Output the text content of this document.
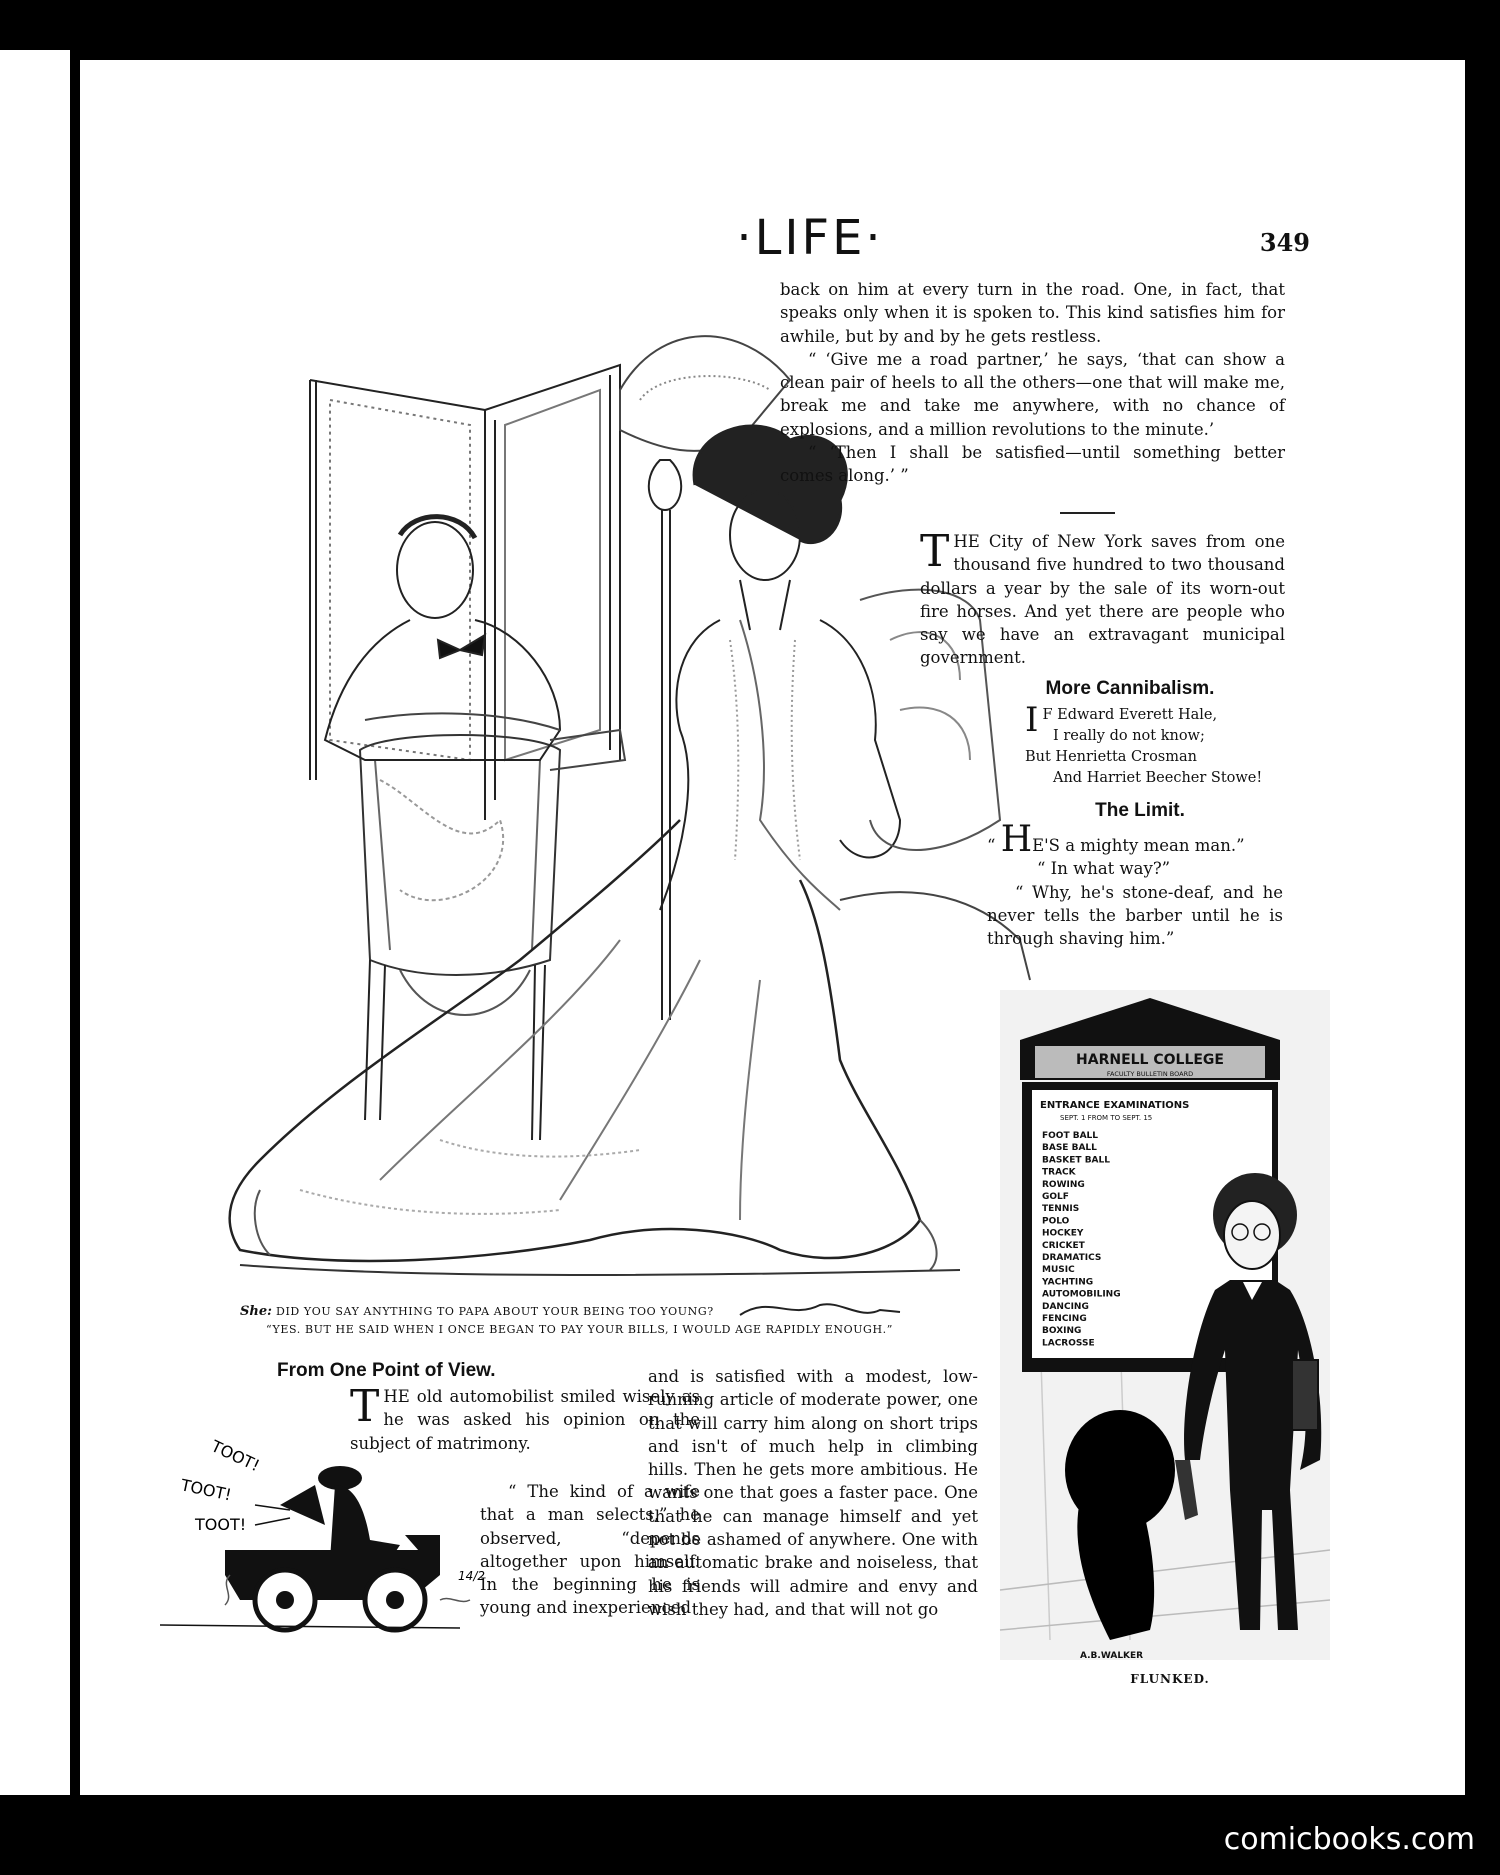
·LIFE·	349

back on him at every turn in the road. One, in fact, that speaks only when it is spoken to. This kind satisfies him for awhile, but by and by he gets restless.

“ ‘Give me a road partner,’ he says, ‘that can show a clean pair of heels to all the others—one that will make me, break me and take me anywhere, with no chance of explosions, and a million revolutions to the minute.’

“ ‘Then I shall be satisfied—until something better comes along.’ ”

THE City of New York saves from one thousand five hundred to two thousand dollars a year by the sale of its worn-out fire horses. And yet there are people who say we have an extravagant municipal government.
More Cannibalism.
I F Edward Everett Hale,
I really do not know;
But Henrietta Crosman
And Harriet Beecher Stowe!
The Limit.
“ HE'S a mighty mean man.”
“ In what way?”
“ Why, he's stone-deaf, and he never tells the barber until he is through shaving him.”
She: DID YOU SAY ANYTHING TO PAPA ABOUT YOUR BEING TOO YOUNG?
“YES. BUT HE SAID WHEN I ONCE BEGAN TO PAY YOUR BILLS, I WOULD AGE RAPIDLY ENOUGH.”
From One Point of View.

THE old automobilist smiled wisely as he was asked his opinion on the subject of matrimony.

“ The kind of a wife that a man selects,” he observed, “depends altogether upon himself. In the beginning he is young and inexperienced

and is satisfied with a modest, low-running article of moderate power, one that will carry him along on short trips and isn't of much help in climbing hills. Then he gets more ambitious. He wants one that goes a faster pace. One that he can manage himself and yet not be ashamed of anywhere. One with an automatic brake and noiseless, that his friends will admire and envy and wish they had, and that will not go

TOOT!
TOOT!
TOOT!
14/2
HARNELL COLLEGE
FACULTY BULLETIN BOARD
ENTRANCE EXAMINATIONS
SEPT. 1 FROM TO SEPT. 15
FOOT BALL
BASE BALL
BASKET BALL
TRACK
ROWING
GOLF
TENNIS
POLO
HOCKEY
CRICKET
DRAMATICS
MUSIC
YACHTING
AUTOMOBILING
DANCING
FENCING
BOXING
LACROSSE
A.B.WALKER
FLUNKED.
comicbooks.com
